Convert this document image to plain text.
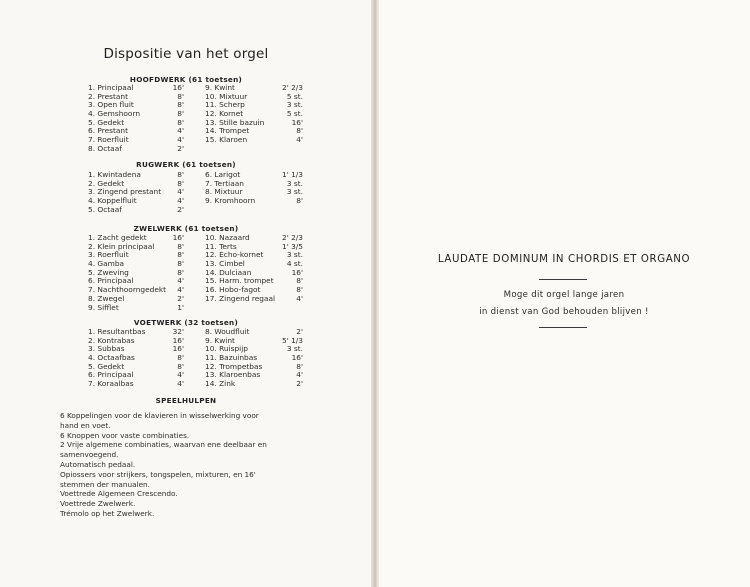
Dispositie van het orgel
HOOFDWERK (61 toetsen)
1. Principaal	16'
2. Prestant	8'
3. Open fluit	8'
4. Gemshoorn	8'
5. Gedekt	8'
6. Prestant	4'
7. Roerfluit	4'
8. Octaaf	2'
9. Kwint	2' 2/3
10. Mixtuur	5 st.
11. Scherp	3 st.
12. Kornet	5 st.
13. Stille bazuin	16'
14. Trompet	8'
15. Klaroen	4'
RUGWERK (61 toetsen)
1. Kwintadena	8'
2. Gedekt	8'
3. Zingend prestant	4'
4. Koppelfluit	4'
5. Octaaf	2'
6. Larigot	1' 1/3
7. Tertiaan	3 st.
8. Mixtuur	3 st.
9. Kromhoorn	8'
ZWELWERK (61 toetsen)
1. Zacht gedekt	16'
2. Klein principaal	8'
3. Roerfluit	8'
4. Gamba	8'
5. Zweving	8'
6. Principaal	4'
7. Nachthoorngedekt	4'
8. Zwegel	2'
9. Sifflet	1'
10. Nazaard	2' 2/3
11. Terts	1' 3/5
12. Echo-kornet	3 st.
13. Cimbel	4 st.
14. Dulciaan	16'
15. Harm. trompet	8'
16. Hobo-fagot	8'
17. Zingend regaal	4'
VOETWERK (32 toetsen)
1. Resultantbas	32'
2. Kontrabas	16'
3. Subbas	16'
4. Octaafbas	8'
5. Gedekt	8'
6. Principaal	4'
7. Koraalbas	4'
8. Woudfluit	2'
9. Kwint	5' 1/3
10. Ruispijp	3 st.
11. Bazuinbas	16'
12. Trompetbas	8'
13. Klaroenbas	4'
14. Zink	2'
SPEELHULPEN
6 Koppelingen voor de klavieren in wisselwerking voor
hand en voet.
6 Knoppen voor vaste combinaties.
2 Vrije algemene combinaties, waarvan ene deelbaar en
samenvoegend.
Automatisch pedaal.
Opiossers voor strijkers, tongspelen, mixturen, en 16'
stemmen der manualen.
Voettrede Algemeen Crescendo.
Voettrede Zwelwerk.
Trémolo op het Zwelwerk.
LAUDATE DOMINUM IN CHORDIS ET ORGANO
Moge dit orgel lange jaren
in dienst van God behouden blijven !
